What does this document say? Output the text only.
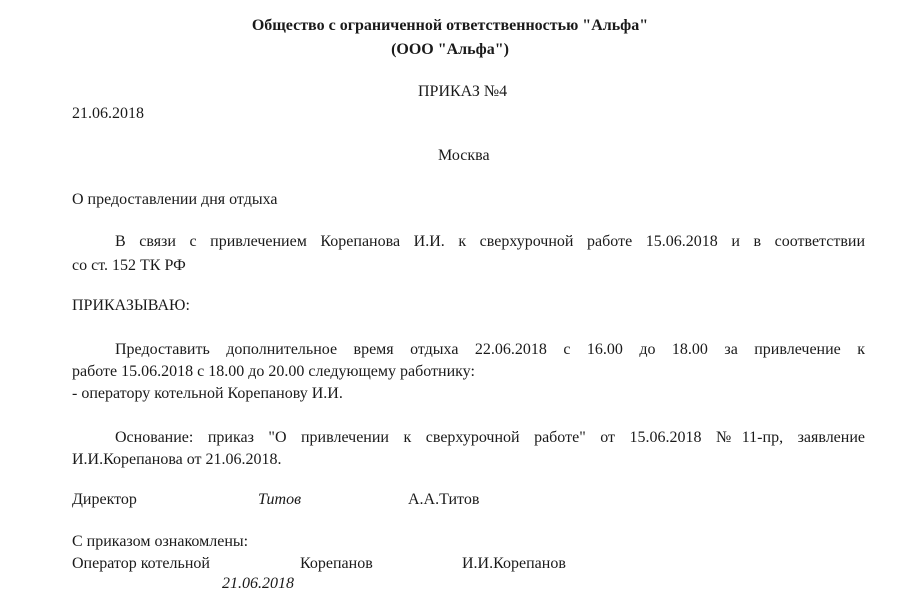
Общество с ограниченной ответственностью "Альфа"
(ООО "Альфа")
ПРИКАЗ №4
21.06.2018
Москва
О предоставлении дня отдыха
В связи с привлечением Корепанова И.И. к сверхурочной работе 15.06.2018 и в соответствии
со ст. 152 ТК РФ
ПРИКАЗЫВАЮ:
Предоставить дополнительное время отдыха 22.06.2018 с 16.00 до 18.00 за привлечение к
работе 15.06.2018 с 18.00 до 20.00 следующему работнику:
- оператору котельной Корепанову И.И.
Основание: приказ "О привлечении к сверхурочной работе" от 15.06.2018 №11-пр, заявление
И.И.Корепанова от 21.06.2018.
Директор	Титов	А.А.Титов
С приказом ознакомлены:
Оператор котельной	Корепанов	И.И.Корепанов
21.06.2018
